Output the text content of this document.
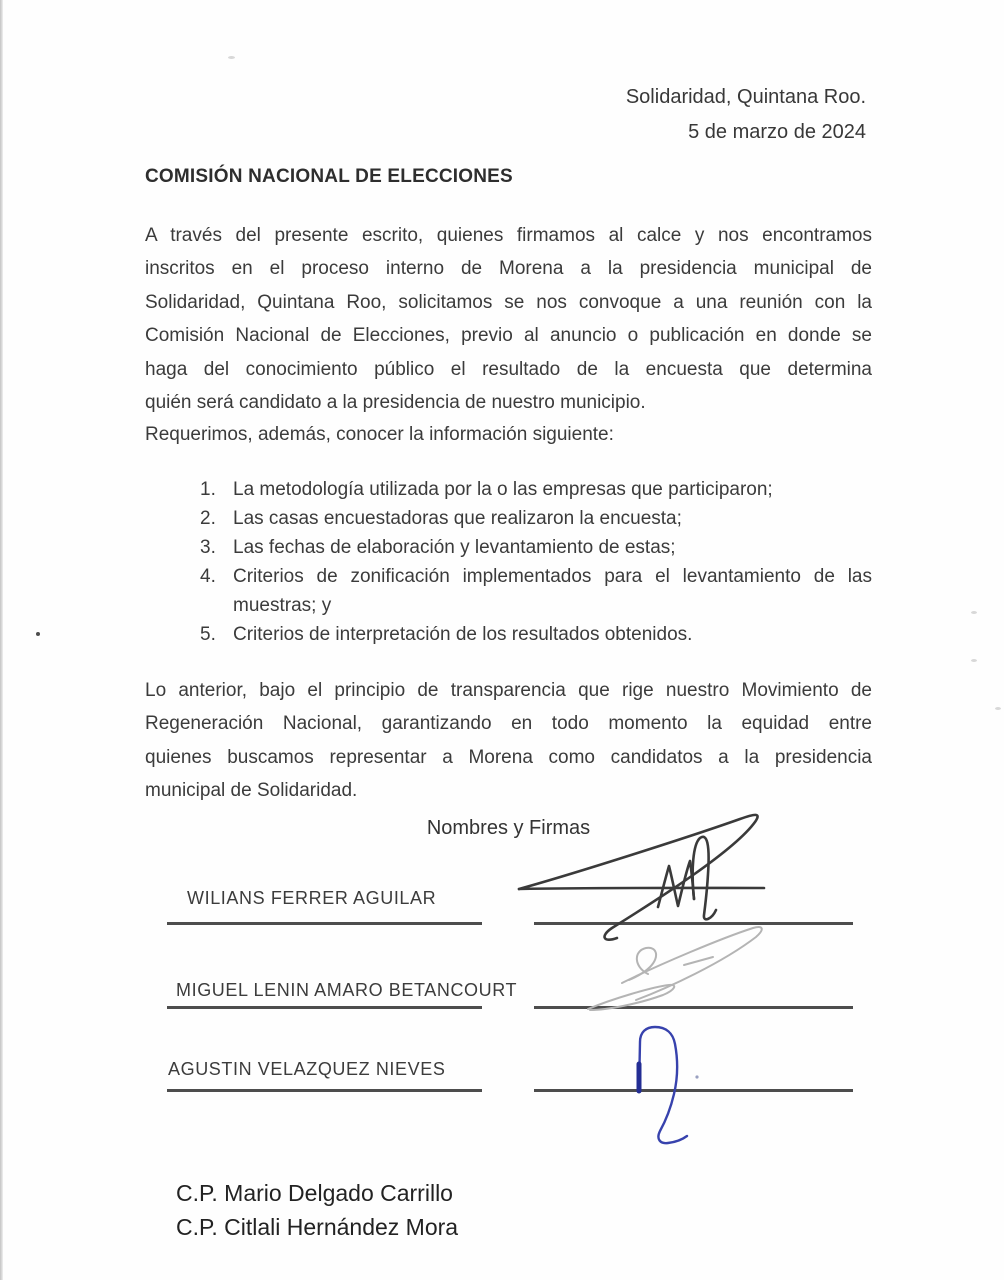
Solidaridad, Quintana Roo.
5 de marzo de 2024
COMISIÓN NACIONAL DE ELECCIONES
A través del presente escrito, quienes firmamos al calce y nos encontramos
inscritos en el proceso interno de Morena a la presidencia municipal de
Solidaridad, Quintana Roo, solicitamos se nos convoque a una reunión con la
Comisión Nacional de Elecciones, previo al anuncio o publicación en donde se
haga del conocimiento público el resultado de la encuesta que determina
quién será candidato a la presidencia de nuestro municipio.
Requerimos, además, conocer la información siguiente:
1. La metodología utilizada por la o las empresas que participaron;
2. Las casas encuestadoras que realizaron la encuesta;
3. Las fechas de elaboración y levantamiento de estas;
4. Criterios de zonificación implementados para el levantamiento de las
muestras; y
5. Criterios de interpretación de los resultados obtenidos.
Lo anterior, bajo el principio de transparencia que rige nuestro Movimiento de
Regeneración Nacional, garantizando en todo momento la equidad entre
quienes buscamos representar a Morena como candidatos a la presidencia
municipal de Solidaridad.
Nombres y Firmas
WILIANS FERRER AGUILAR
MIGUEL LENIN AMARO BETANCOURT
AGUSTIN VELAZQUEZ NIEVES
C.P. Mario Delgado Carrillo
C.P. Citlali Hernández Mora
